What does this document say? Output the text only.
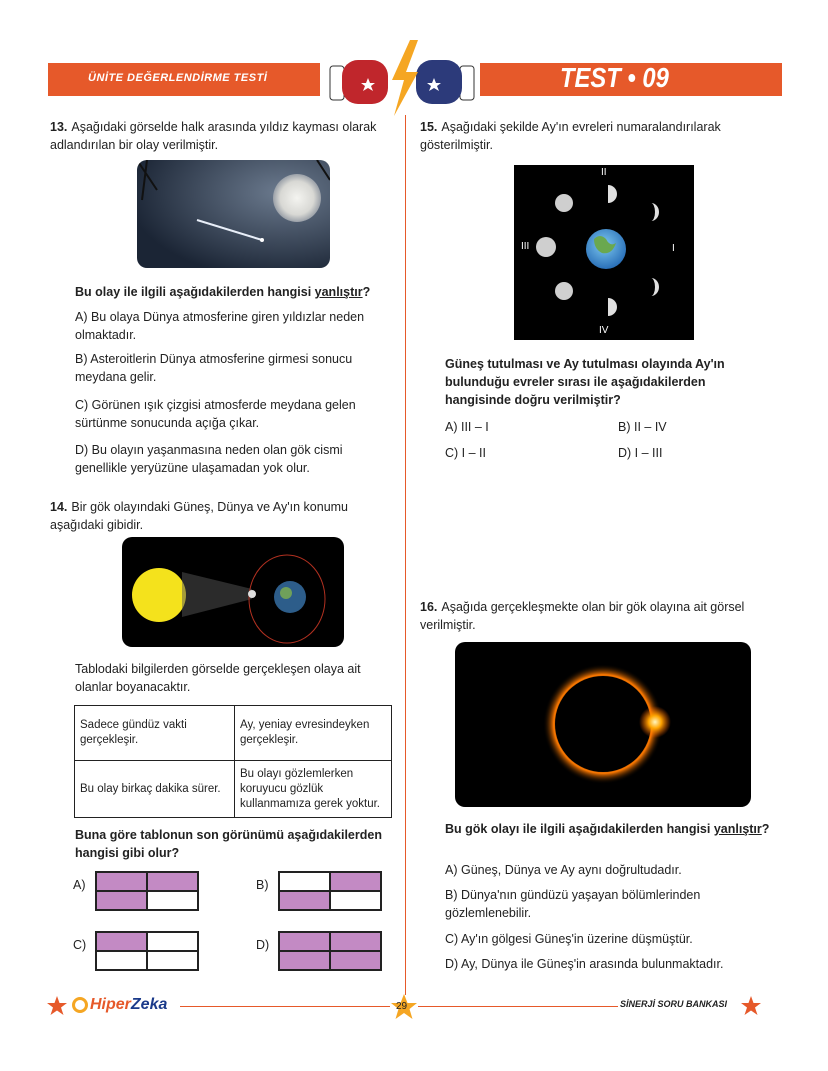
ÜNİTE DEĞERLENDİRME TESTİ	TEST • 09
13. Aşağıdaki görselde halk arasında yıldız kayması olarak adlandırılan bir olay verilmiştir.
Bu olay ile ilgili aşağıdakilerden hangisi yanlıştır?
A) Bu olaya Dünya atmosferine giren yıldızlar neden olmaktadır.
B) Asteroitlerin Dünya atmosferine girmesi sonucu meydana gelir.
C) Görünen ışık çizgisi atmosferde meydana gelen sürtünme sonucunda açığa çıkar.
D) Bu olayın yaşanmasına neden olan gök cismi genellikle yeryüzüne ulaşamadan yok olur.
14. Bir gök olayındaki Güneş, Dünya ve Ay'ın konumu aşağıdaki gibidir.
Tablodaki bilgilerden görselde gerçekleşen olaya ait olanlar boyanacaktır.
Sadece gündüz vakti gerçekleşir.	Ay, yeniay evresindeyken gerçekleşir.
Bu olay birkaç dakika sürer.	Bu olayı gözlemlerken koruyucu gözlük kullanmamıza gerek yoktur.
Buna göre tablonun son görünümü aşağıdakilerden hangisi gibi olur?
A)	B)
C)	D)
15. Aşağıdaki şekilde Ay'ın evreleri numaralandırılarak gösterilmiştir.
II
I
III
IV
Güneş tutulması ve Ay tutulması olayında Ay'ın bulunduğu evreler sırası ile aşağıdakilerden hangisinde doğru verilmiştir?
A) III – I	B) II – IV
C) I – II	D) I – III
16. Aşağıda gerçekleşmekte olan bir gök olayına ait görsel verilmiştir.
Bu gök olayı ile ilgili aşağıdakilerden hangisi yanlıştır?
A) Güneş, Dünya ve Ay aynı doğrultudadır.
B) Dünya'nın gündüzü yaşayan bölümlerinden gözlemlenebilir.
C) Ay'ın gölgesi Güneş'in üzerine düşmüştür.
D) Ay, Dünya ile Güneş'in arasında bulunmaktadır.
HiperZeka	29	SİNERJİ SORU BANKASI
